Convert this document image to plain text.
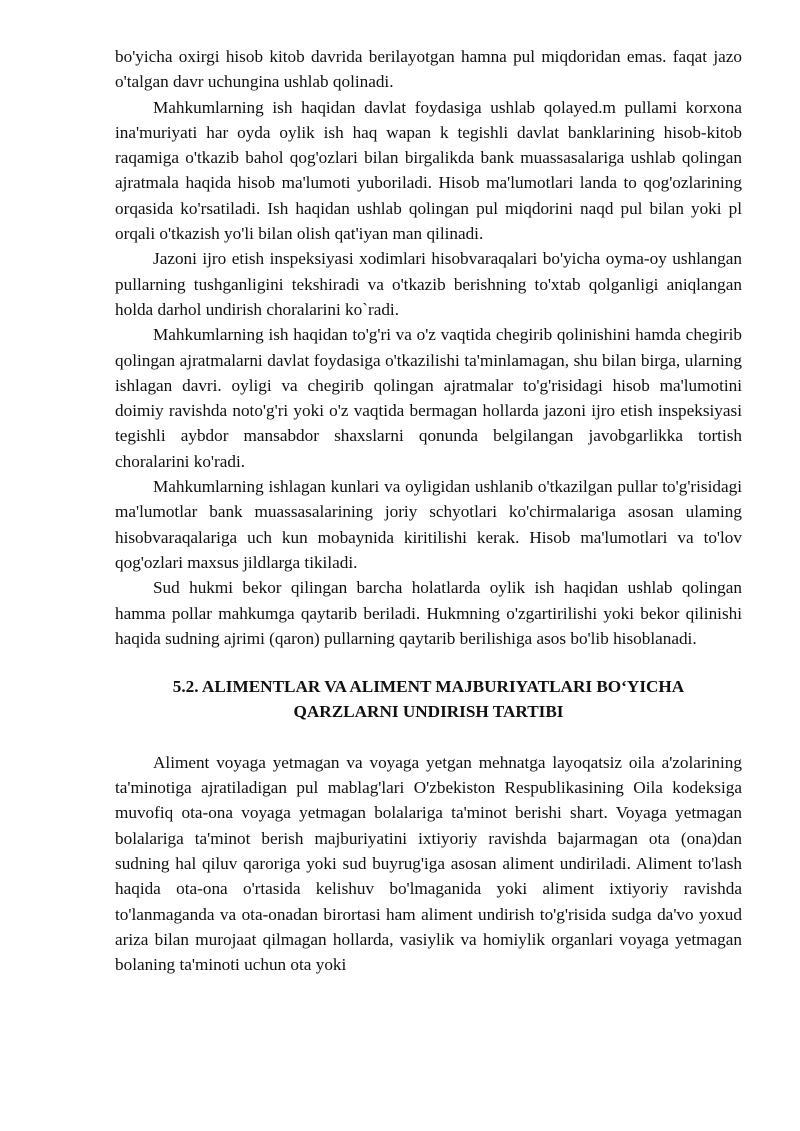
bo'yicha oxirgi hisob kitob davrida berilayotgan hamna pul miqdoridan emas. faqat jazo o'talgan davr uchungina ushlab qolinadi.

Mahkumlarning ish haqidan davlat foydasiga ushlab qolayed.m pullami korxona ina'muriyati har oyda oylik ish haq wapan k tegishli davlat banklarining hisob-kitob raqamiga o'tkazib bahol qog'ozlari bilan birgalikda bank muassasalariga ushlab qolingan ajratmala haqida hisob ma'lumoti yuboriladi. Hisob ma'lumotlari landa to qog'ozlarining orqasida ko'rsatiladi. Ish haqidan ushlab qolingan pul miqdorini naqd pul bilan yoki pl orqali o'tkazish yo'li bilan olish qat'iyan man qilinadi.

Jazoni ijro etish inspeksiyasi xodimlari hisobvaraqalari bo'yicha oyma-oy ushlangan pullarning tushganligini tekshiradi va o'tkazib berishning to'xtab qolganligi aniqlangan holda darhol undirish choralarini ko`radi.

Mahkumlarning ish haqidan to'g'ri va o'z vaqtida chegirib qolinishini hamda chegirib qolingan ajratmalarni davlat foydasiga o'tkazilishi ta'minlamagan, shu bilan birga, ularning ishlagan davri. oyligi va chegirib qolingan ajratmalar to'g'risidagi hisob ma'lumotini doimiy ravishda noto'g'ri yoki o'z vaqtida bermagan hollarda jazoni ijro etish inspeksiyasi tegishli aybdor mansabdor shaxslarni qonunda belgilangan javobgarlikka tortish choralarini ko'radi.

Mahkumlarning ishlagan kunlari va oyligidan ushlanib o'tkazilgan pullar to'g'risidagi ma'lumotlar bank muassasalarining joriy schyotlari ko'chirmalariga asosan ulaming hisobvaraqalariga uch kun mobaynida kiritilishi kerak. Hisob ma'lumotlari va to'lov qog'ozlari maxsus jildlarga tikiladi.

Sud hukmi bekor qilingan barcha holatlarda oylik ish haqidan ushlab qolingan hamma pollar mahkumga qaytarib beriladi. Hukmning o'zgartirilishi yoki bekor qilinishi haqida sudning ajrimi (qaron) pullarning qaytarib berilishiga asos bo'lib hisoblanadi.

5.2. ALIMENTLAR VA ALIMENT MAJBURIYATLARI BO‘YICHA
QARZLARNI UNDIRISH TARTIBI

Aliment voyaga yetmagan va voyaga yetgan mehnatga layoqatsiz oila a'zolarining ta'minotiga ajratiladigan pul mablag'lari O'zbekiston Respublikasining Oila kodeksiga muvofiq ota-ona voyaga yetmagan bolalariga ta'minot berishi shart. Voyaga yetmagan bolalariga ta'minot berish majburiyatini ixtiyoriy ravishda bajarmagan ota (ona)dan sudning hal qiluv qaroriga yoki sud buyrug'iga asosan aliment undiriladi. Aliment to'lash haqida ota-ona o'rtasida kelishuv bo'lmaganida yoki aliment ixtiyoriy ravishda to'lanmaganda va ota-onadan birortasi ham aliment undirish to'g'risida sudga da'vo yoxud ariza bilan murojaat qilmagan hollarda, vasiylik va homiylik organlari voyaga yetmagan bolaning ta'minoti uchun ota yoki
